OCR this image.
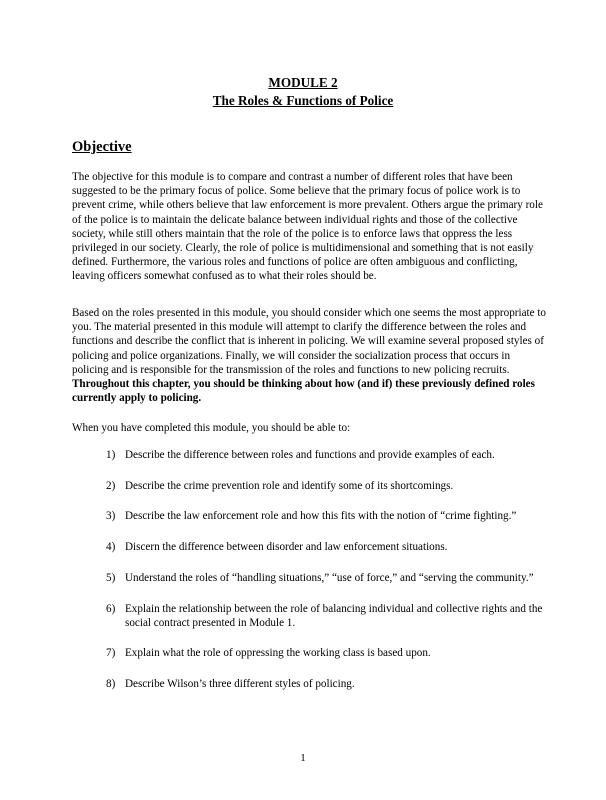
MODULE 2
The Roles & Functions of Police
Objective

The objective for this module is to compare and contrast a number of different roles that have been suggested to be the primary focus of police. Some believe that the primary focus of police work is to prevent crime, while others believe that law enforcement is more prevalent. Others argue the primary role of the police is to maintain the delicate balance between individual rights and those of the collective society, while still others maintain that the role of the police is to enforce laws that oppress the less privileged in our society. Clearly, the role of police is multidimensional and something that is not easily defined. Furthermore, the various roles and functions of police are often ambiguous and conflicting, leaving officers somewhat confused as to what their roles should be.

Based on the roles presented in this module, you should consider which one seems the most appropriate to you. The material presented in this module will attempt to clarify the difference between the roles and functions and describe the conflict that is inherent in policing. We will examine several proposed styles of policing and police organizations. Finally, we will consider the socialization process that occurs in policing and is responsible for the transmission of the roles and functions to new policing recruits. Throughout this chapter, you should be thinking about how (and if) these previously defined roles currently apply to policing.

When you have completed this module, you should be able to:

1) Describe the difference between roles and functions and provide examples of each.
2) Describe the crime prevention role and identify some of its shortcomings.
3) Describe the law enforcement role and how this fits with the notion of “crime fighting.”
4) Discern the difference between disorder and law enforcement situations.
5) Understand the roles of “handling situations,” “use of force,” and “serving the community.”
6) Explain the relationship between the role of balancing individual and collective rights and the social contract presented in Module 1.
7) Explain what the role of oppressing the working class is based upon.
8) Describe Wilson’s three different styles of policing.
1
